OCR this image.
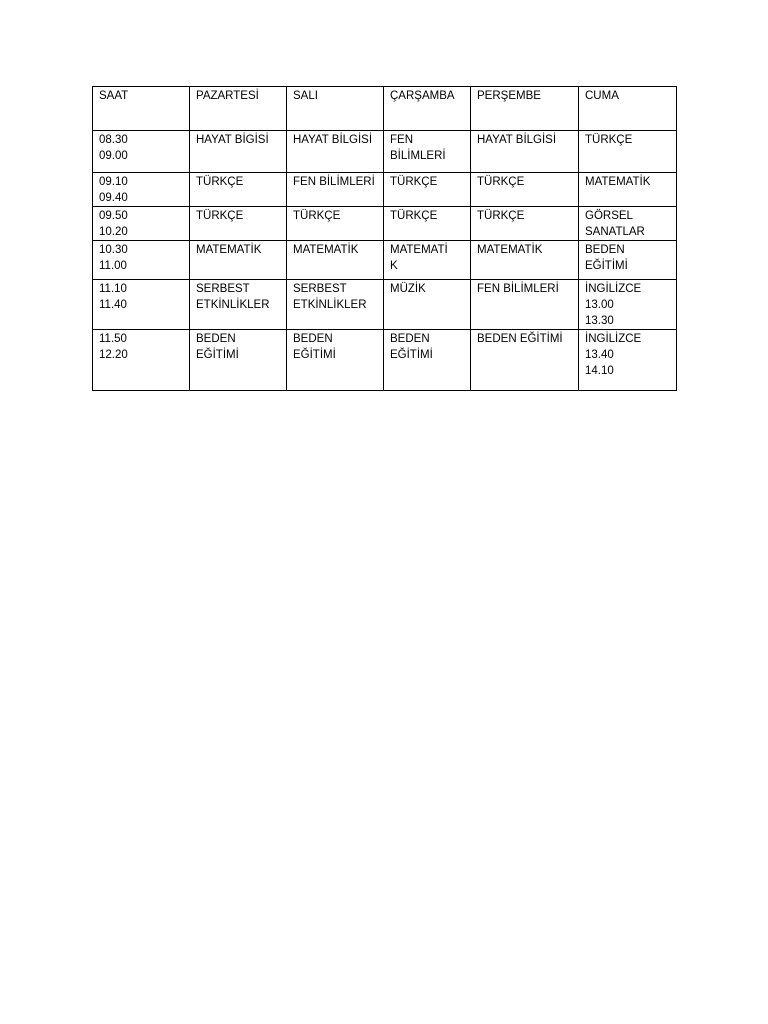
SAAT	PAZARTESİ	SALI	ÇARŞAMBA	PERŞEMBE	CUMA

08.30
09.00	HAYAT BİGİSİ	HAYAT BİLGİSİ	FEN
BİLİMLERİ	HAYAT BİLGİSİ	TÜRKÇE

09.10
09.40	TÜRKÇE	FEN BİLİMLERİ	TÜRKÇE	TÜRKÇE	MATEMATİK

09.50
10.20	TÜRKÇE	TÜRKÇE	TÜRKÇE	TÜRKÇE	GÖRSEL
SANATLAR

10.30
11.00	MATEMATİK	MATEMATİK	MATEMATİ
K	MATEMATİK	BEDEN
EĞİTİMİ

11.10
11.40	SERBEST
ETKİNLİKLER	SERBEST
ETKİNLİKLER	MÜZİK	FEN BİLİMLERİ	İNGİLİZCE
13.00
13.30

11.50
12.20	BEDEN
EĞİTİMİ	BEDEN
EĞİTİMİ	BEDEN
EĞİTİMİ	BEDEN EĞİTİMİ	İNGİLİZCE
13.40
14.10
